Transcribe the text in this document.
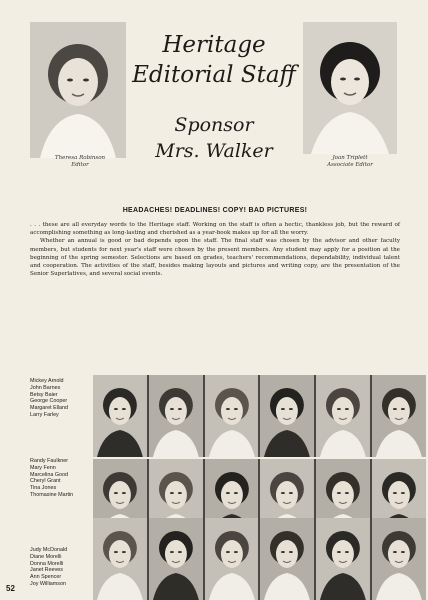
Theresa Robinson
Editor
Heritage
Editorial Staff
Sponsor
Mrs. Walker	Joan Triplett
Associate Editor
HEADACHES! DEADLINES! COPY! BAD PICTURES!

. . . these are all everyday words to the Heritage staff. Working on the staff is often a hectic, thankless job, but the reward of accomplishing something as long-lasting and cherished as a year-book makes up for all the worry.

Whether an annual is good or bad depends upon the staff. The final staff was chosen by the advisor and other faculty members, but students for next year's staff were chosen by the present members. Any student may apply for a position at the beginning of the spring semester. Selections are based on grades, teachers' recommendations, dependability, individual talent and cooperation. The activities of the staff, besides making layouts and pictures and writing copy, are the presentation of the Senior Superlatives, and several social events.

Mickey Arnold
John Barnes
Betsy Baier
George Cooper
Margaret Elland
Larry Farley
Randy Faulkner
Mary Fenn
Marcelina Good
Cheryl Grant
Tina Jones
Thomasine Martin
Judy McDonald
Diane Morelli
Donna Morelli
Janet Reeves
Ann Spencer
Joy Williamson
52
